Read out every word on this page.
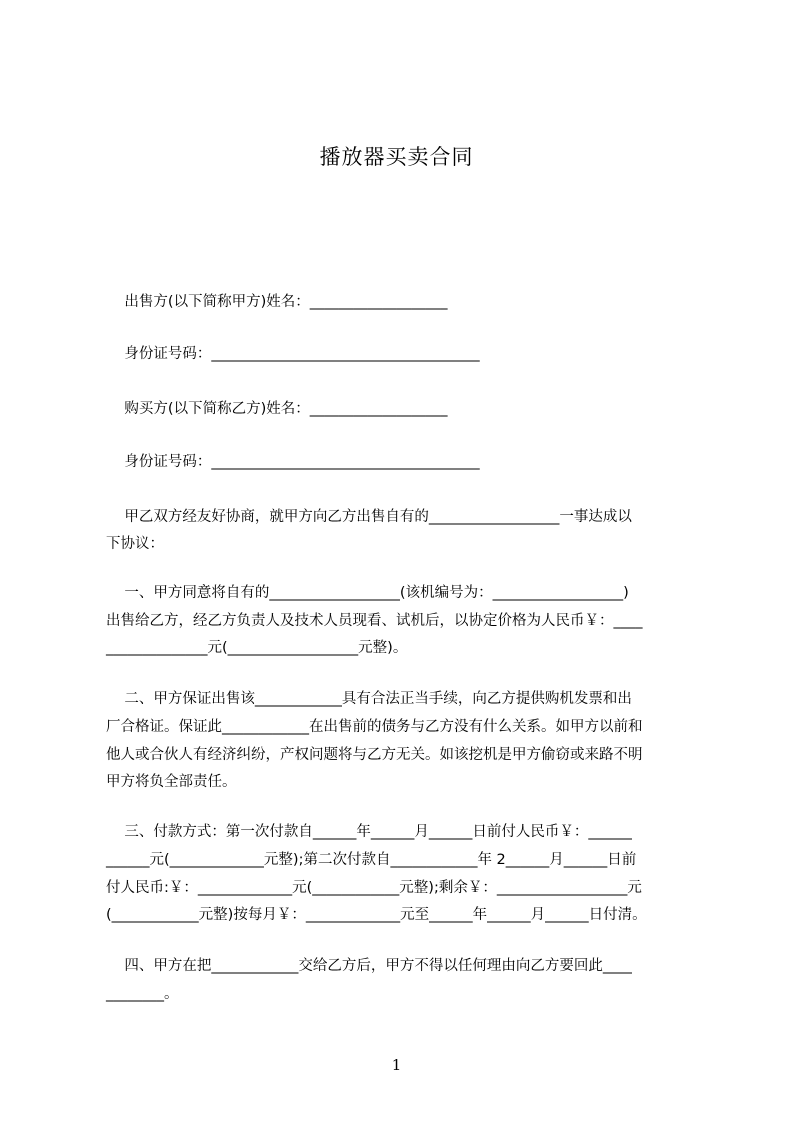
播放器买卖合同
出售方(以下简称甲方)姓名：___________________
身份证号码：_____________________________________
购买方(以下简称乙方)姓名：___________________
身份证号码：_____________________________________
甲乙双方经友好协商，就甲方向乙方出售自有的__________________一事达成以
下协议：
一、甲方同意将自有的__________________(该机编号为：__________________)
出售给乙方，经乙方负责人及技术人员现看、试机后，以协定价格为人民币￥：____
______________元(__________________元整)。
二、甲方保证出售该____________具有合法正当手续，向乙方提供购机发票和出
厂合格证。保证此____________在出售前的债务与乙方没有什么关系。如甲方以前和
他人或合伙人有经济纠纷，产权问题将与乙方无关。如该挖机是甲方偷窃或来路不明
甲方将负全部责任。
三、付款方式：第一次付款自______年______月______日前付人民币￥：______
______元(_____________元整);第二次付款自____________年 2______月______日前
付人民币:￥：_____________元(____________元整);剩余￥：__________________元
(____________元整)按每月￥：_____________元至______年______月______日付清。
四、甲方在把____________交给乙方后，甲方不得以任何理由向乙方要回此____
________。
1
